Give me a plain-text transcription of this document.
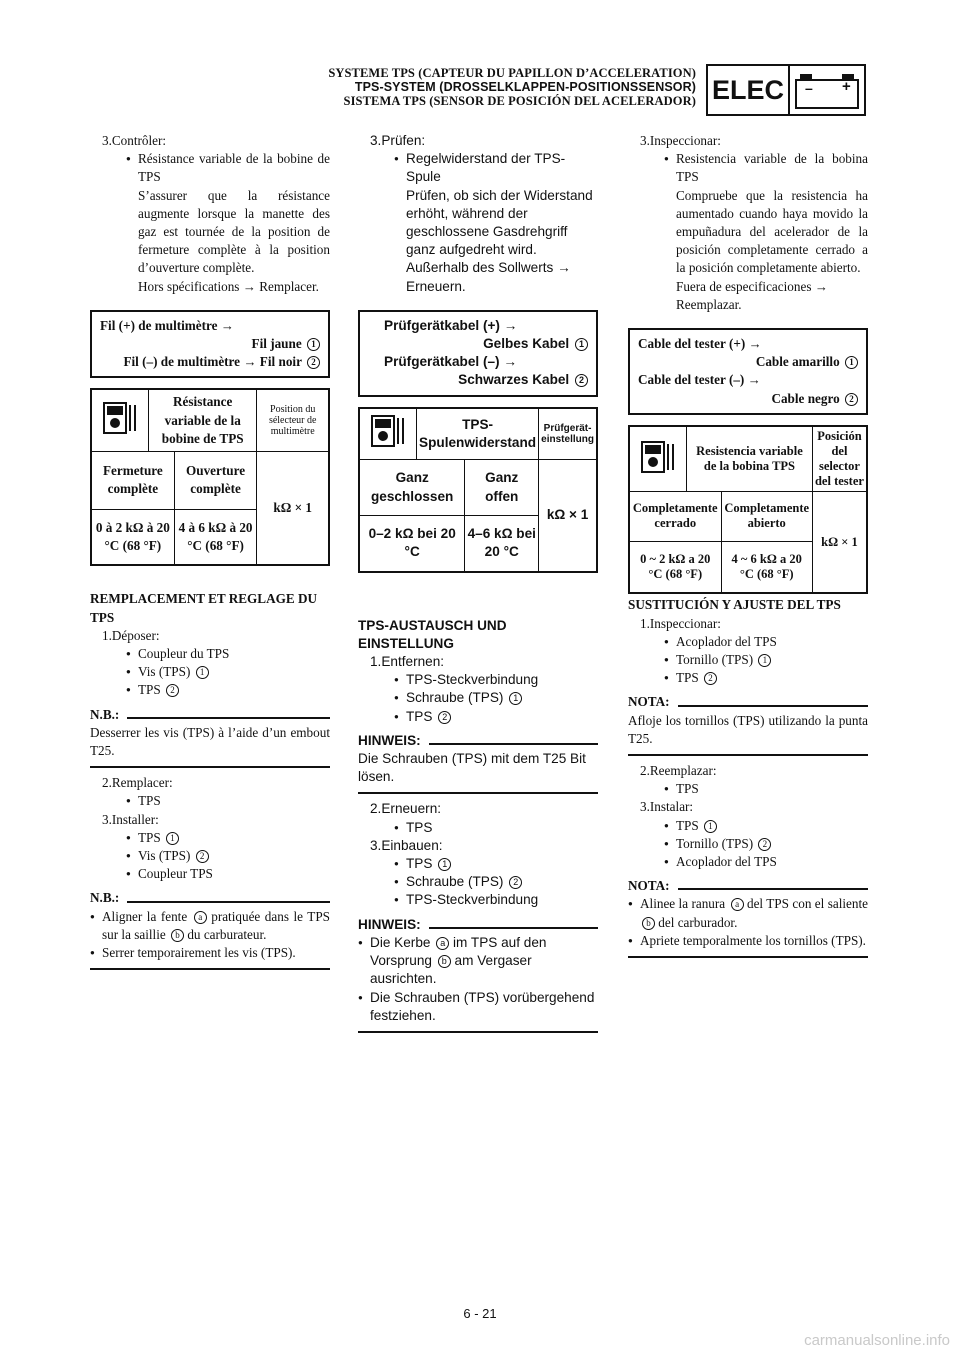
SYSTEME TPS (CAPTEUR DU PAPILLON D’ACCELERATION)
TPS-SYSTEM (DROSSELKLAPPEN-POSITIONSSENSOR)
SISTEMA TPS (SENSOR DE POSICIÓN DEL ACELERADOR) ELEC	– +
3.Contrôler:
● Résistance variable de la bobine de TPS
S’assurer que la résistance augmente lorsque la manette des gaz est tournée de la position de fermeture complète à la position d’ouverture complète.
Hors spécifications → Remplacer.
Fil (+) de multimètre →
Fil jaune 1
Fil (–) de multimètre → Fil noir 2
	Résistance variable de la bobine de TPS		Position du sélecteur de multimètre
Fermeture complète		Ouverture complète	kΩ × 1
0 à 2 kΩ à 20 °C (68 °F)		4 à 6 kΩ à 20 °C (68 °F)	
REMPLACEMENT ET REGLAGE DU TPS
1.Déposer:
● Coupleur du TPS
● Vis (TPS) 1
● TPS 2
N.B.:
Desserrer les vis (TPS) à l’aide d’un embout T25.
2.Remplacer:
● TPS
3.Installer:
● TPS 1
● Vis (TPS) 2
● Coupleur TPS
N.B.:
● Aligner la fente a pratiquée dans le TPS sur la saillie b du carburateur.
● Serrer temporairement les vis (TPS).
3.Prüfen:
● Regelwiderstand der TPS-Spule
Prüfen, ob sich der Widerstand erhöht, während der geschlossene Gasdrehgriff ganz aufgedreht wird.
Außerhalb des Sollwerts → Erneuern.
Prüfgerätkabel (+) →
Gelbes Kabel 1
Prüfgerätkabel (–) →
Schwarzes Kabel 2
	TPS-Spulenwiderstand		Prüfgerät-einstellung
Ganz geschlossen		Ganz offen	kΩ × 1
0–2 kΩ bei 20 °C		4–6 kΩ bei 20 °C	
TPS-AUSTAUSCH UND EINSTELLUNG
1.Entfernen:
● TPS-Steckverbindung
● Schraube (TPS) 1
● TPS 2
HINWEIS:
Die Schrauben (TPS) mit dem T25 Bit lösen.
2.Erneuern:
● TPS
3.Einbauen:
● TPS 1
● Schraube (TPS) 2
● TPS-Steckverbindung
HINWEIS:
● Die Kerbe a im TPS auf den Vorsprung b am Vergaser ausrichten.
● Die Schrauben (TPS) vorübergehend festziehen.
3.Inspeccionar:
● Resistencia variable de la bobina TPS
Compruebe que la resistencia ha aumentado cuando haya movido la empuñadura del acelerador de la posición completamente cerrado a la posición completamente abierto.
Fuera de especificaciones → Reemplazar.
Cable del tester (+) →
Cable amarillo 1
Cable del tester (–) →
Cable negro 2
	Resistencia variable de la bobina TPS		Posición del selector del tester
Completamente cerrado		Completamente abierto	kΩ × 1
0 ~ 2 kΩ a 20 °C (68 °F)		4 ~ 6 kΩ a 20 °C (68 °F)	
SUSTITUCIÓN Y AJUSTE DEL TPS
1.Inspeccionar:
● Acoplador del TPS
● Tornillo (TPS) 1
● TPS 2
NOTA:
Afloje los tornillos (TPS) utilizando la punta T25.
2.Reemplazar:
● TPS
3.Instalar:
● TPS 1
● Tornillo (TPS) 2
● Acoplador del TPS
NOTA:
● Alinee la ranura a del TPS con el saliente b del carburador.
● Apriete temporalmente los tornillos (TPS).
6 - 21
carmanualsonline.info
